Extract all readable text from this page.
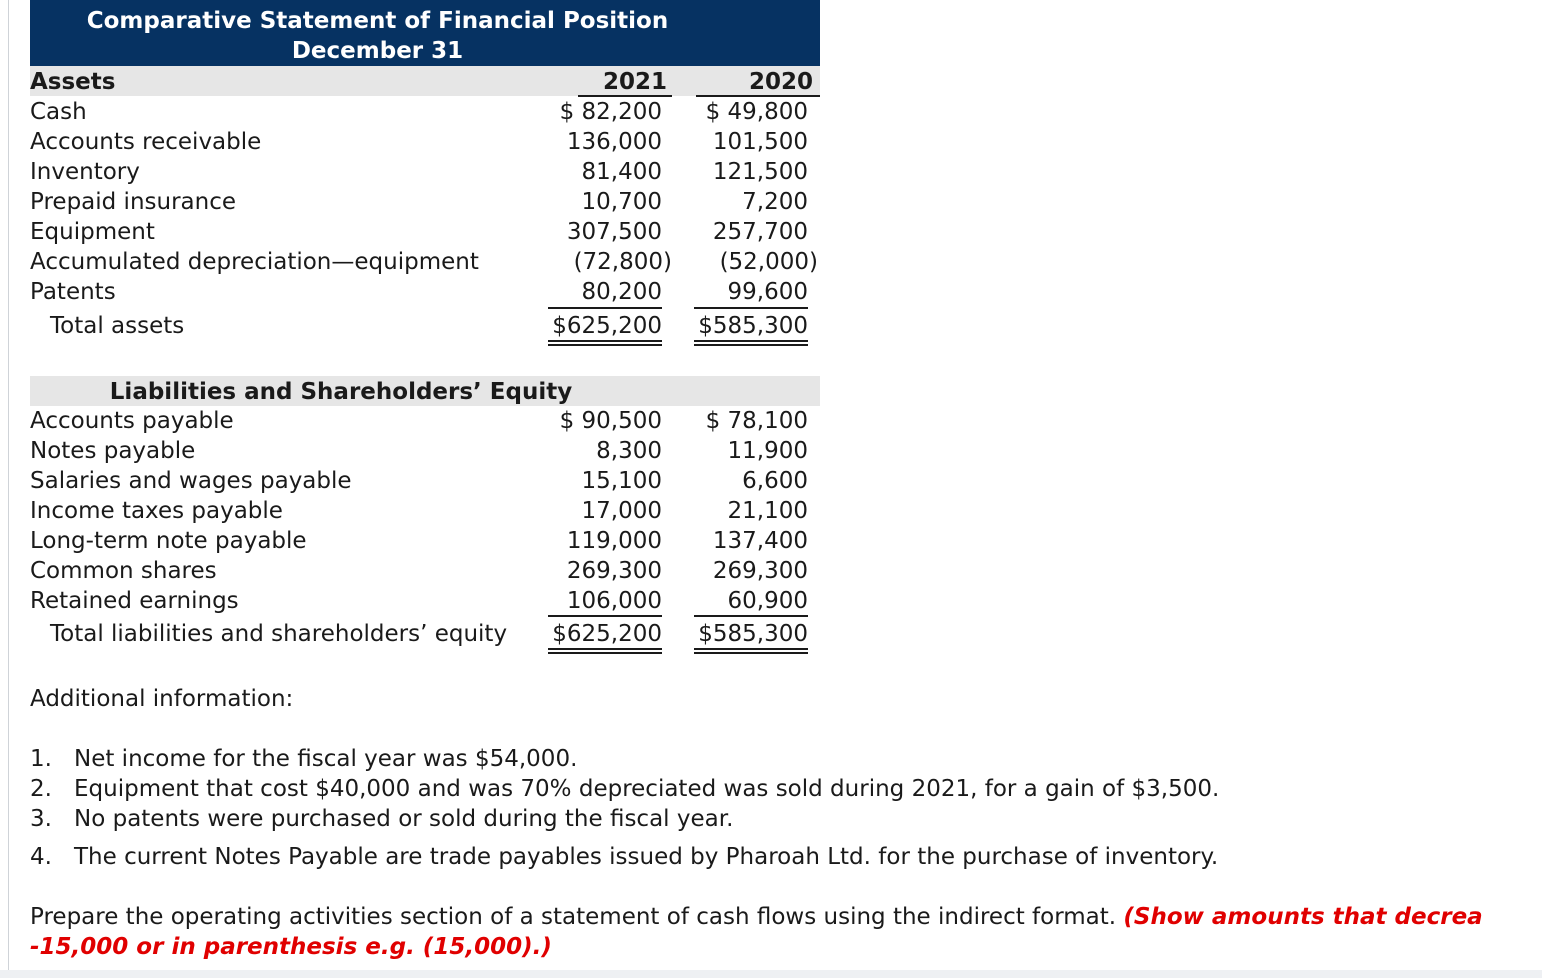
Comparative Statement of Financial Position
December 31
Assets	2021	2020
Cash	$ 82,200	$ 49,800
Accounts receivable	136,000	101,500
Inventory	81,400	121,500
Prepaid insurance	10,700	7,200
Equipment	307,500	257,700
Accumulated depreciation—equipment	(72,800)	(52,000)
Patents	80,200	99,600
Total assets	$625,200	$585,300
Liabilities and Shareholders’ Equity
Accounts payable	$ 90,500	$ 78,100
Notes payable	8,300	11,900
Salaries and wages payable	15,100	6,600
Income taxes payable	17,000	21,100
Long-term note payable	119,000	137,400
Common shares	269,300	269,300
Retained earnings	106,000	60,900
Total liabilities and shareholders’ equity	$625,200	$585,300
Additional information:
1. Net income for the fiscal year was $54,000.
2. Equipment that cost $40,000 and was 70% depreciated was sold during 2021, for a gain of $3,500.
3. No patents were purchased or sold during the fiscal year.
4. The current Notes Payable are trade payables issued by Pharoah Ltd. for the purchase of inventory.
Prepare the operating activities section of a statement of cash flows using the indirect format. (Show amounts that decrea
-15,000 or in parenthesis e.g. (15,000).)
